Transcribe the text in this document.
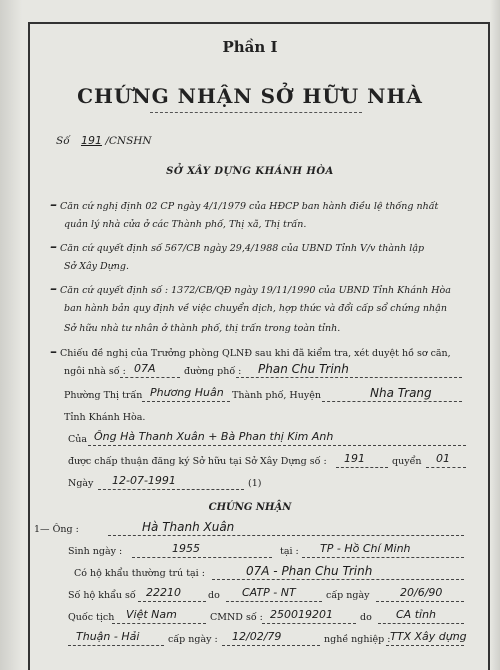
Phần I
CHỨNG NHẬN SỞ HỮU NHÀ
Số 191 /CNSHN
SỞ XÂY DỰNG KHÁNH HÒA
– Căn cứ nghị định 02 CP ngày 4/1/1979 của HĐCP ban hành điều lệ thống nhất
quản lý nhà cửa ở các Thành phố, Thị xã, Thị trấn.
– Căn cứ quyết định số 567/CB ngày 29,4/1988 của UBND Tỉnh V/v thành lập
Sở Xây Dựng.
– Căn cứ quyết định số : 1372/CB/QĐ ngày 19/11/1990 của UBND Tỉnh Khánh Hòa
ban hành bản quy định về việc chuyển dịch, hợp thức và đổi cấp sổ chứng nhận
Sở hữu nhà tư nhân ở thành phố, thị trấn trong toàn tỉnh.
– Chiếu đề nghị của Trưởng phòng QLNĐ sau khi đã kiểm tra, xét duyệt hồ sơ căn,
ngôi nhà số : 07A	đường phố : Phan Chu Trinh
Phường Thị trấn Phương Huân Thành phố, Huyện	Nha Trang
Tỉnh Khánh Hòa.
Của Ông Hà Thanh Xuân + Bà Phan thị Kim Anh
được chấp thuận đăng ký Sở hữu tại Sở Xây Dựng số : 191	quyển 01
Ngày 12-07-1991	(1)
CHỨNG NHẬN
1— Ông :	Hà Thanh Xuân
Sinh ngày :	1955	tại : TP - Hồ Chí Minh
Có hộ khẩu thường trú tại :	07A - Phan Chu Trinh
Số hộ khẩu số 22210	do CATP - NT	cấp ngày	20/6/90
Quốc tịch Việt Nam	CMND số : 250019201	do CA tỉnh
Thuận - Hải	cấp ngày : 12/02/79	nghề nghiệp : TTX Xây dựng
